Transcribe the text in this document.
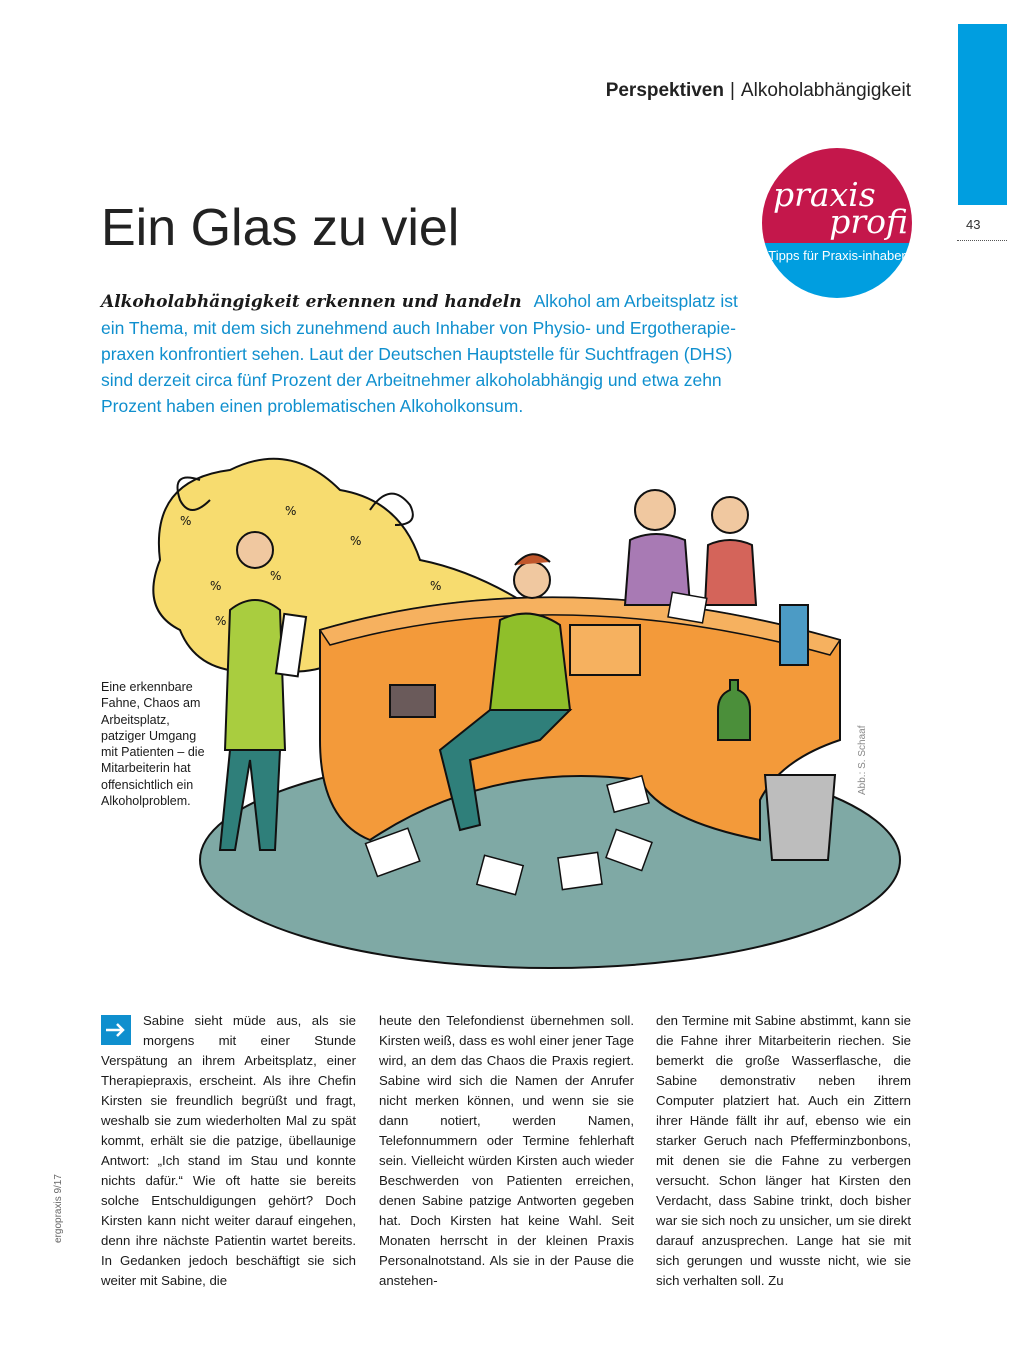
43
Perspektiven | Alkoholabhängigkeit
praxis
profi
Tipps für Praxis-inhaber
Ein Glas zu viel
Alkoholabhängigkeit erkennen und handeln Alkohol am Arbeitsplatz ist ein Thema, mit dem sich zunehmend auch Inhaber von Physio- und Ergotherapie-praxen konfrontiert sehen. Laut der Deutschen Hauptstelle für Suchtfragen (DHS) sind derzeit circa fünf Prozent der Arbeitnehmer alkoholabhängig und etwa zehn Prozent haben einen problematischen Alkoholkonsum.
%
%
%
%
%
%
%
Eine erkennbare Fahne, Chaos am Arbeitsplatz, patziger Umgang mit Patienten – die Mitarbeiterin hat offensichtlich ein Alkoholproblem.
Abb.: S. Schaaf
Sabine sieht müde aus, als sie morgens mit einer Stunde Verspätung an ihrem Arbeitsplatz, einer Therapiepraxis, erscheint. Als ihre Chefin Kirsten sie freundlich begrüßt und fragt, weshalb sie zum wiederholten Mal zu spät kommt, erhält sie die patzige, übellaunige Antwort: „Ich stand im Stau und konnte nichts dafür.“ Wie oft hatte sie bereits solche Entschuldigungen gehört? Doch Kirsten kann nicht weiter darauf eingehen, denn ihre nächste Patientin wartet bereits. In Gedanken jedoch beschäftigt sie sich weiter mit Sabine, die
heute den Telefondienst übernehmen soll. Kirsten weiß, dass es wohl einer jener Tage wird, an dem das Chaos die Praxis regiert. Sabine wird sich die Namen der Anrufer nicht merken können, und wenn sie sie dann notiert, werden Namen, Telefonnummern oder Termine fehlerhaft sein. Vielleicht würden Kirsten auch wieder Beschwerden von Patienten erreichen, denen Sabine patzige Antworten gegeben hat. Doch Kirsten hat keine Wahl. Seit Monaten herrscht in der kleinen Praxis Personalnotstand. Als sie in der Pause die anstehen-
den Termine mit Sabine abstimmt, kann sie die Fahne ihrer Mitarbeiterin riechen. Sie bemerkt die große Wasserflasche, die Sabine demonstrativ neben ihrem Computer platziert hat. Auch ein Zittern ihrer Hände fällt ihr auf, ebenso wie ein starker Geruch nach Pfefferminzbonbons, mit denen sie die Fahne zu verbergen versucht. Schon länger hat Kirsten den Verdacht, dass Sabine trinkt, doch bisher war sie sich noch zu unsicher, um sie direkt darauf anzusprechen. Lange hat sie mit sich gerungen und wusste nicht, wie sie sich verhalten soll. Zu
ergopraxis 9/17
